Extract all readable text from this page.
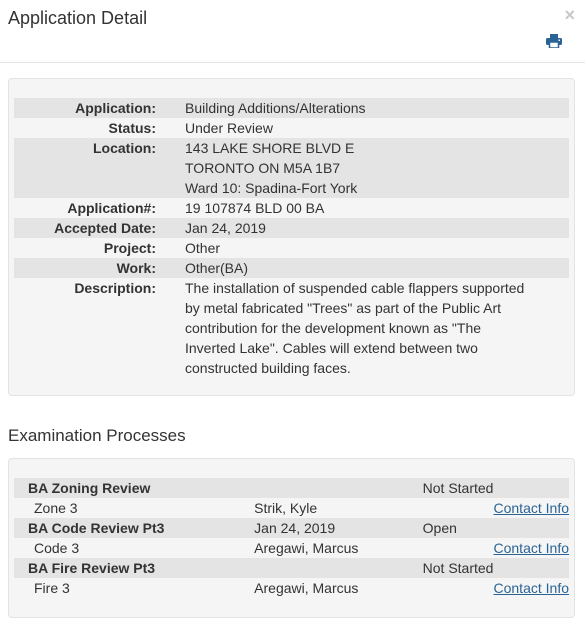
Application Detail	×
Application:	Building Additions/Alterations
Status:	Under Review
Location:	143 LAKE SHORE BLVD E
TORONTO ON M5A 1B7
Ward 10: Spadina-Fort York

Application#:	19 107874 BLD 00 BA
Accepted Date:	Jan 24, 2019
Project:	Other
Work:	Other(BA)
Description:	The installation of suspended cable flappers supported
by metal fabricated "Trees" as part of the Public Art
contribution for the development known as "The
Inverted Lake". Cables will extend between two
constructed building faces.
Examination Processes
BA Zoning Review		Not Started	
Zone 3	Strik, Kyle		Contact Info
BA Code Review Pt3	Jan 24, 2019	Open	
Code 3	Aregawi, Marcus		Contact Info
BA Fire Review Pt3		Not Started	
Fire 3	Aregawi, Marcus		Contact Info
